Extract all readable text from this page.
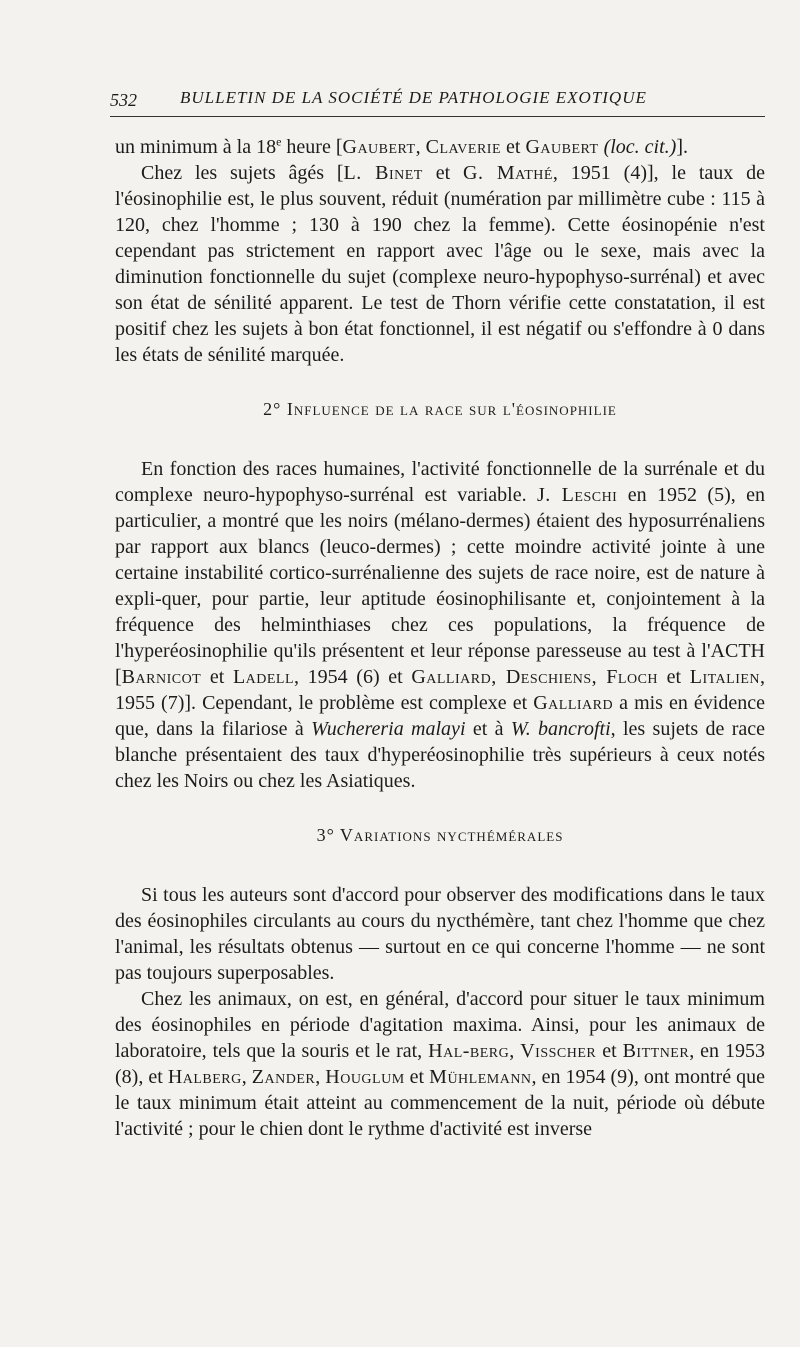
532	BULLETIN DE LA SOCIÉTÉ DE PATHOLOGIE EXOTIQUE

un minimum à la 18e heure [Gaubert, Claverie et Gaubert (loc. cit.)].

Chez les sujets âgés [L. Binet et G. Mathé, 1951 (4)], le taux de l'éosinophilie est, le plus souvent, réduit (numération par millimètre cube : 115 à 120, chez l'homme ; 130 à 190 chez la femme). Cette éosinopénie n'est cependant pas strictement en rapport avec l'âge ou le sexe, mais avec la diminution fonctionnelle du sujet (complexe neuro-hypophyso-surrénal) et avec son état de sénilité apparent. Le test de Thorn vérifie cette constatation, il est positif chez les sujets à bon état fonctionnel, il est négatif ou s'effondre à 0 dans les états de sénilité marquée.

2° Influence de la race sur l'éosinophilie

En fonction des races humaines, l'activité fonctionnelle de la surrénale et du complexe neuro-hypophyso-surrénal est variable. J. Leschi en 1952 (5), en particulier, a montré que les noirs (mélano-dermes) étaient des hyposurrénaliens par rapport aux blancs (leuco-dermes) ; cette moindre activité jointe à une certaine instabilité cortico-surrénalienne des sujets de race noire, est de nature à expli-quer, pour partie, leur aptitude éosinophilisante et, conjointement à la fréquence des helminthiases chez ces populations, la fréquence de l'hyperéosinophilie qu'ils présentent et leur réponse paresseuse au test à l'ACTH [Barnicot et Ladell, 1954 (6) et Galliard, Deschiens, Floch et Litalien, 1955 (7)]. Cependant, le problème est complexe et Galliard a mis en évidence que, dans la filariose à Wuchereria malayi et à W. bancrofti, les sujets de race blanche présentaient des taux d'hyperéosinophilie très supérieurs à ceux notés chez les Noirs ou chez les Asiatiques.

3° Variations nycthémérales

Si tous les auteurs sont d'accord pour observer des modifications dans le taux des éosinophiles circulants au cours du nycthémère, tant chez l'homme que chez l'animal, les résultats obtenus — surtout en ce qui concerne l'homme — ne sont pas toujours superposables.

Chez les animaux, on est, en général, d'accord pour situer le taux minimum des éosinophiles en période d'agitation maxima. Ainsi, pour les animaux de laboratoire, tels que la souris et le rat, Hal-berg, Visscher et Bittner, en 1953 (8), et Halberg, Zander, Houglum et Mühlemann, en 1954 (9), ont montré que le taux minimum était atteint au commencement de la nuit, période où débute l'activité ; pour le chien dont le rythme d'activité est inverse
